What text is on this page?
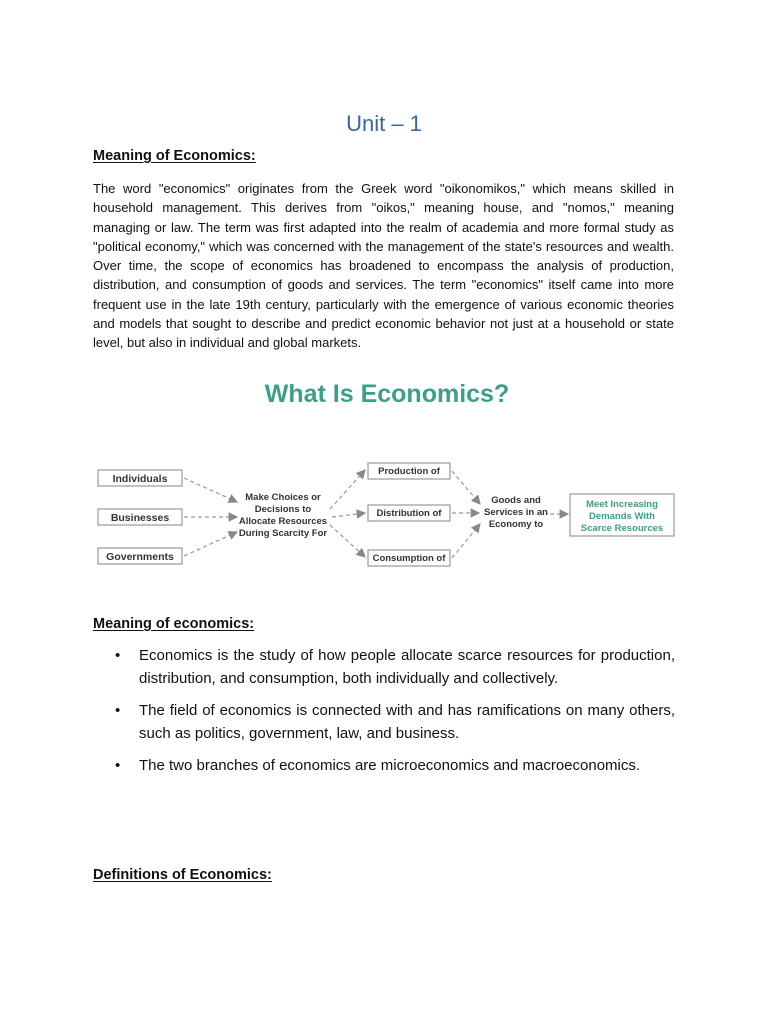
Unit – 1
Meaning of Economics:

The word "economics" originates from the Greek word "oikonomikos," which means skilled in household management. This derives from "oikos," meaning house, and "nomos," meaning managing or law. The term was first adapted into the realm of academia and more formal study as "political economy," which was concerned with the management of the state's resources and wealth. Over time, the scope of economics has broadened to encompass the analysis of production, distribution, and consumption of goods and services. The term "economics" itself came into more frequent use in the late 19th century, particularly with the emergence of various economic theories and models that sought to describe and predict economic behavior not just at a household or state level, but also in individual and global markets.

What Is Economics?
Individuals
Businesses
Governments
Make Choices or
Decisions to
Allocate Resources
During Scarcity For
Production of
Distribution of
Consumption of
Goods and
Services in an
Economy to
Meet Increasing
Demands With
Scarce Resources
Meaning of economics:
• Economics is the study of how people allocate scarce resources for production, distribution, and consumption, both individually and collectively.
• The field of economics is connected with and has ramifications on many others, such as politics, government, law, and business.
• The two branches of economics are microeconomics and macroeconomics.
Definitions of Economics:
